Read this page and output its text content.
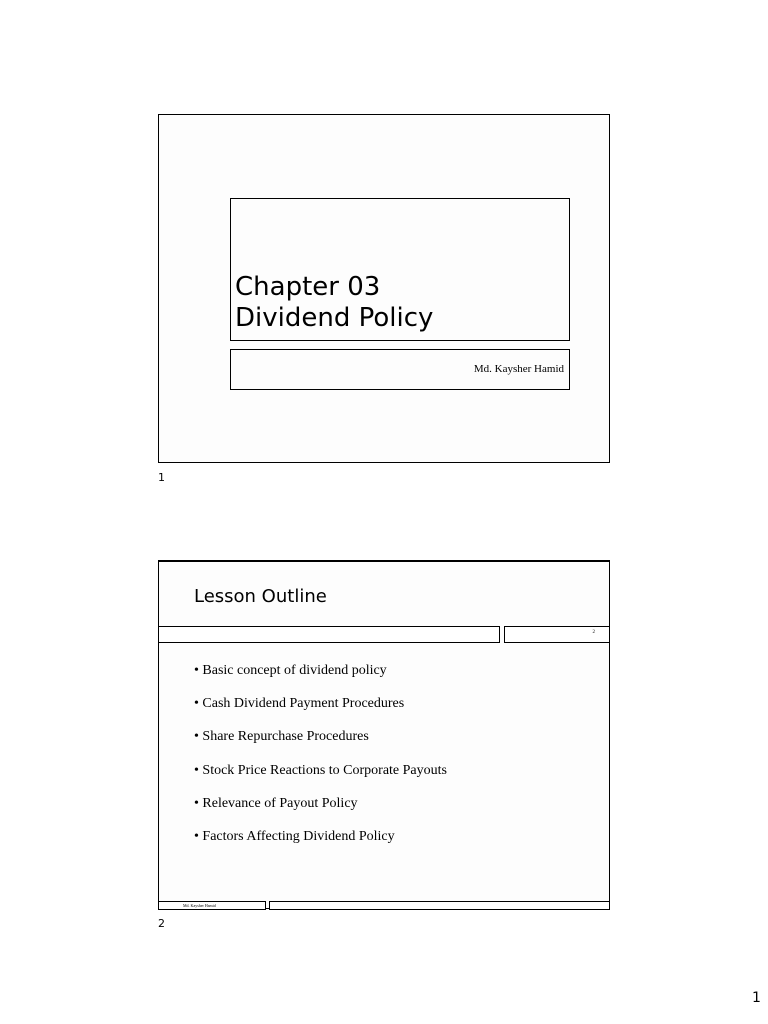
Chapter 03
Dividend Policy
Md. Kaysher Hamid
1
Lesson Outline
2
• Basic concept of dividend policy
• Cash Dividend Payment Procedures
• Share Repurchase Procedures
• Stock Price Reactions to Corporate Payouts
• Relevance of Payout Policy
• Factors Affecting Dividend Policy
Md. Kaysher Hamid
2
1
